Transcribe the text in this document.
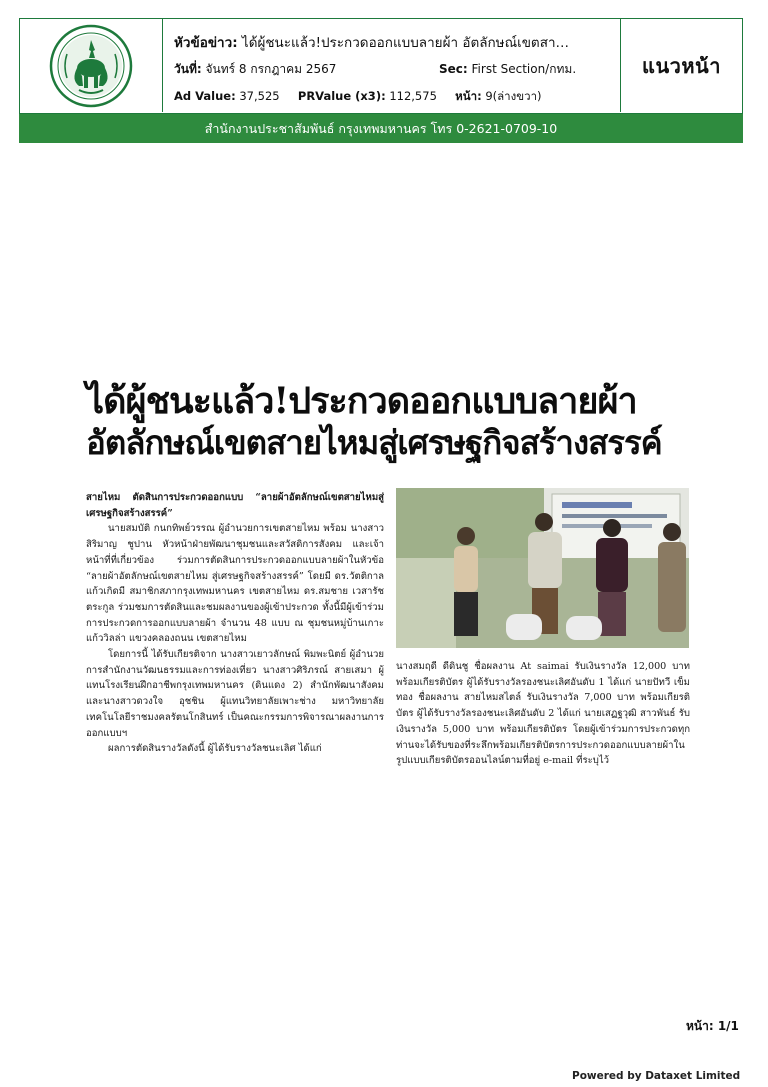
หัวข้อข่าว: ได้ผู้ชนะแล้ว!ประกวดออกแบบลายผ้า อัตลักษณ์เขตสา…
วันที่: จันทร์ 8 กรกฎาคม 2567	Sec: First Section/กทม.
Ad Value: 37,525 PRValue (x3): 112,575 หน้า: 9(ล่างขวา)
แนวหน้า
สำนักงานประชาสัมพันธ์ กรุงเทพมหานคร โทร 0-2621-0709-10
ได้ผู้ชนะแล้ว!ประกวดออกแบบลายผ้า
อัตลักษณ์เขตสายไหมสู่เศรษฐกิจสร้างสรรค์

สายไหม ตัดสินการประกวดออกแบบ “ลายผ้าอัตลักษณ์เขตสายไหมสู่เศรษฐกิจสร้างสรรค์”

นายสมบัติ กนกทิพย์วรรณ ผู้อำนวยการเขตสายไหม พร้อม นางสาวสิริมาญ ชูปาน หัวหน้าฝ่ายพัฒนาชุมชนและสวัสดิการสังคม และเจ้าหน้าที่ที่เกี่ยวข้อง ร่วมการตัดสินการประกวดออกแบบลายผ้าในหัวข้อ “ลายผ้าอัตลักษณ์เขตสายไหม สู่เศรษฐกิจสร้างสรรค์” โดยมี ดร.วัตติกาล แก้วเกิดมี สมาชิกสภากรุงเทพมหานคร เขตสายไหม ดร.สมชาย เวสารัชตระกูล ร่วมชมการตัดสินและชมผลงานของผู้เข้าประกวด ทั้งนี้มีผู้เข้าร่วมการประกวดการออกแบบลายผ้า จำนวน 48 แบบ ณ ชุมชนหมู่บ้านเกาะแก้ววิลล่า แขวงคลองถนน เขตสายไหม

โดยการนี้ ได้รับเกียรติจาก นางสาวเยาวลักษณ์ พิมพะนิตย์ ผู้อำนวยการสำนักงานวัฒนธรรมและการท่องเที่ยว นางสาวศิริภรณ์ สายเสมา ผู้แทนโรงเรียนฝึกอาชีพกรุงเทพมหานคร (ดินแดง 2) สำนักพัฒนาสังคม และนางสาวดวงใจ อุชชิน ผู้แทนวิทยาลัยเพาะช่าง มหาวิทยาลัยเทคโนโลยีราชมงคลรัตนโกสินทร์ เป็นคณะกรรมการพิจารณาผลงานการออกแบบฯ

ผลการตัดสินรางวัลดังนี้ ผู้ได้รับรางวัลชนะเลิศ ได้แก่

นางสมฤดี ดีดินชู ชื่อผลงาน At saimai รับเงินรางวัล 12,000 บาท พร้อมเกียรติบัตร ผู้ได้รับรางวัลรองชนะเลิศอันดับ 1 ได้แก่ นายปัทวี เข็มทอง ชื่อผลงาน สายไหมสไตล์ รับเงินรางวัล 7,000 บาท พร้อมเกียรติบัตร ผู้ได้รับรางวัลรองชนะเลิศอันดับ 2 ได้แก่ นายเสฏฐวุฒิ สาวพันธ์ รับเงินรางวัล 5,000 บาท พร้อมเกียรติบัตร โดยผู้เข้าร่วมการประกวดทุกท่านจะได้รับของที่ระลึกพร้อมเกียรติบัตรการประกวดออกแบบลายผ้าในรูปแบบเกียรติบัตรออนไลน์ตามที่อยู่ e-mail ที่ระบุไว้

หน้า: 1/1
Powered by Dataxet Limited
